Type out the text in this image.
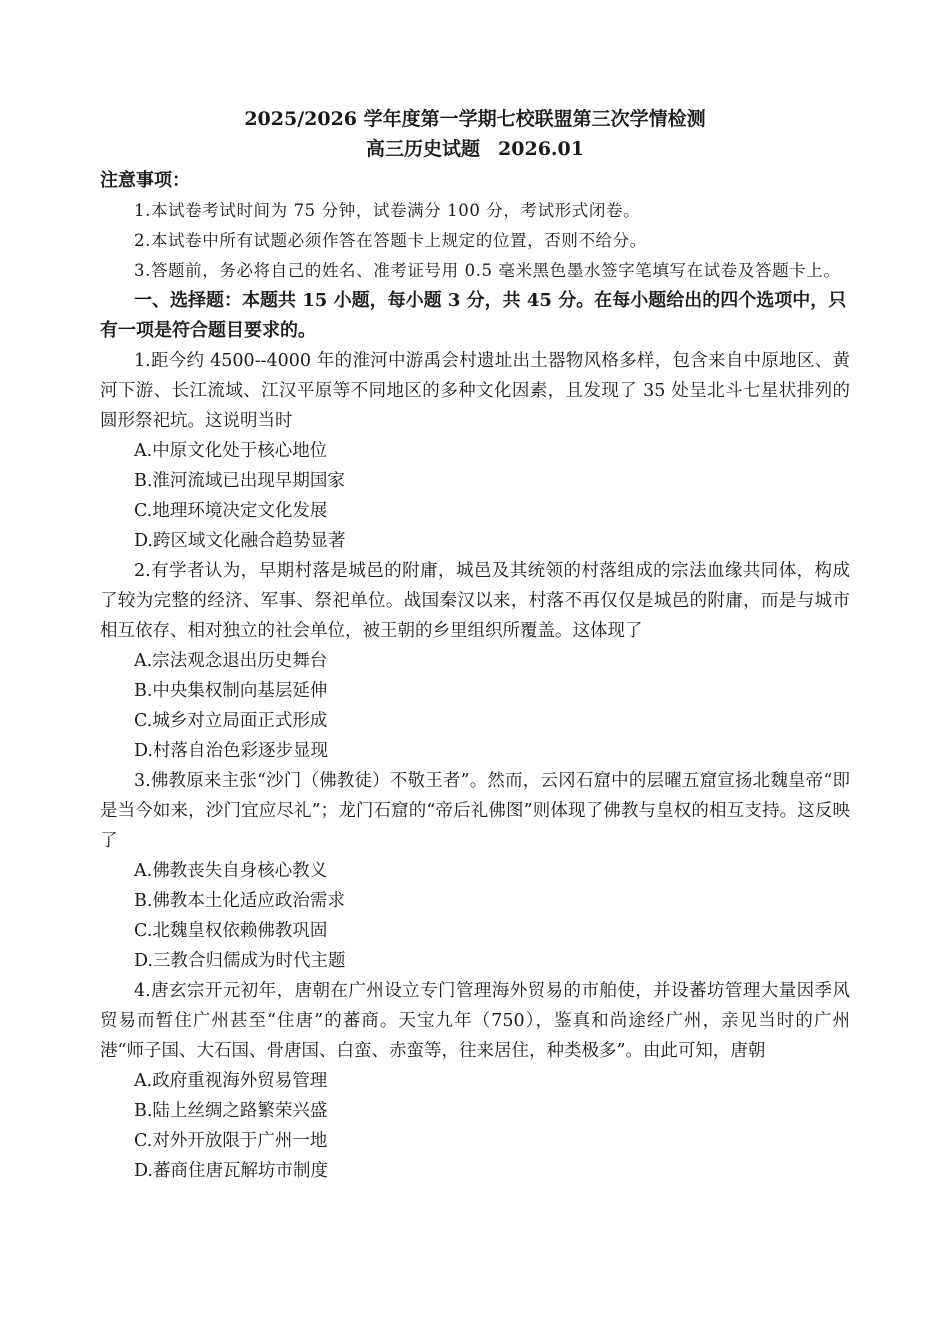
2025/2026 学年度第一学期七校联盟第三次学情检测
高三历史试题 2026.01

注意事项：

1.本试卷考试时间为 75 分钟，试卷满分 100 分，考试形式闭卷。

2.本试卷中所有试题必须作答在答题卡上规定的位置，否则不给分。

3.答题前，务必将自己的姓名、准考证号用 0.5 毫米黑色墨水签字笔填写在试卷及答题卡上。

一、选择题：本题共 15 小题，每小题 3 分，共 45 分。在每小题给出的四个选项中，只有一项是符合题目要求的。

1.距今约 4500--4000 年的淮河中游禹会村遗址出土器物风格多样，包含来自中原地区、黄河下游、长江流域、江汉平原等不同地区的多种文化因素，且发现了 35 处呈北斗七星状排列的圆形祭祀坑。这说明当时

A.中原文化处于核心地位

B.淮河流域已出现早期国家

C.地理环境决定文化发展

D.跨区域文化融合趋势显著

2.有学者认为，早期村落是城邑的附庸，城邑及其统领的村落组成的宗法血缘共同体，构成了较为完整的经济、军事、祭祀单位。战国秦汉以来，村落不再仅仅是城邑的附庸，而是与城市相互依存、相对独立的社会单位，被王朝的乡里组织所覆盖。这体现了

A.宗法观念退出历史舞台

B.中央集权制向基层延伸

C.城乡对立局面正式形成

D.村落自治色彩逐步显现

3.佛教原来主张“沙门（佛教徒）不敬王者”。然而，云冈石窟中的层曜五窟宣扬北魏皇帝“即是当今如来，沙门宜应尽礼”；龙门石窟的“帝后礼佛图”则体现了佛教与皇权的相互支持。这反映了

A.佛教丧失自身核心教义

B.佛教本土化适应政治需求

C.北魏皇权依赖佛教巩固

D.三教合归儒成为时代主题

4.唐玄宗开元初年，唐朝在广州设立专门管理海外贸易的市舶使，并设蕃坊管理大量因季风贸易而暂住广州甚至“住唐”的蕃商。天宝九年（750），鉴真和尚途经广州，亲见当时的广州港“师子国、大石国、骨唐国、白蛮、赤蛮等，往来居住，种类极多”。由此可知，唐朝

A.政府重视海外贸易管理

B.陆上丝绸之路繁荣兴盛

C.对外开放限于广州一地

D.蕃商住唐瓦解坊市制度
